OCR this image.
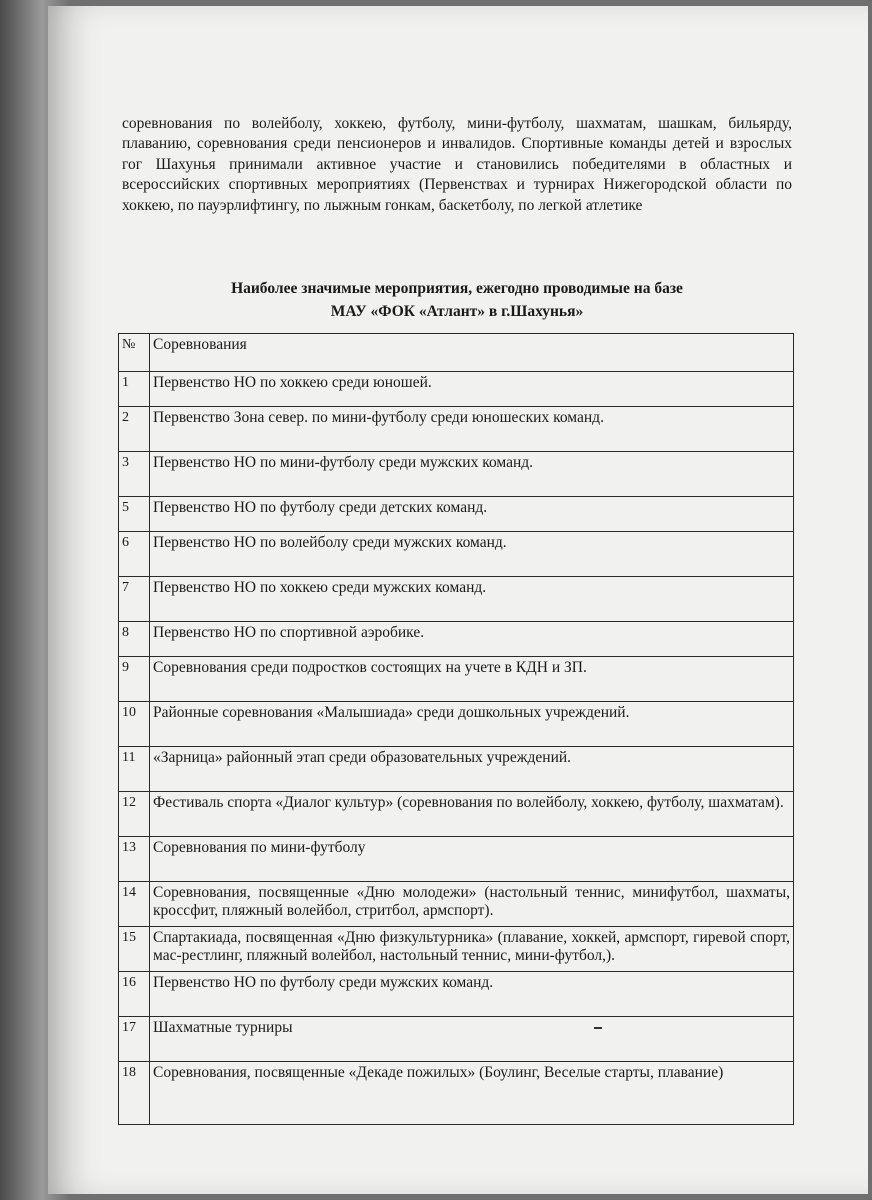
соревнования по волейболу, хоккею, футболу, мини-футболу, шахматам, шашкам, бильярду, плаванию, соревнования среди пенсионеров и инвалидов. Спортивные команды детей и взрослых гог Шахунья принимали активное участие и становились победителями в областных и всероссийских спортивных мероприятиях (Первенствах и турнирах Нижегородской области по хоккею, по пауэрлифтингу, по лыжным гонкам, баскетболу, по легкой атлетике

Наиболее значимые мероприятия, ежегодно проводимые на базе
МАУ «ФОК «Атлант» в г.Шахунья»
№	Соревнования
1	Первенство НО по хоккею среди юношей.
2	Первенство Зона север. по мини-футболу среди юношеских команд.
3	Первенство НО по мини-футболу среди мужских команд.
5	Первенство НО по футболу среди детских команд.
6	Первенство НО по волейболу среди мужских команд.
7	Первенство НО по хоккею среди мужских команд.
8	Первенство НО по спортивной аэробике.
9	Соревнования среди подростков состоящих на учете в КДН и ЗП.
10	Районные соревнования «Малышиада» среди дошкольных учреждений.
11	«Зарница» районный этап среди образовательных учреждений.
12	Фестиваль спорта «Диалог культур» (соревнования по волейболу, хоккею, футболу, шахматам).
13	Соревнования по мини-футболу
14	Соревнования, посвященные «Дню молодежи» (настольный теннис, минифутбол, шахматы, кроссфит, пляжный волейбол, стритбол, армспорт).
15	Спартакиада, посвященная «Дню физкультурника» (плавание, хоккей, армспорт, гиревой спорт, мас-рестлинг, пляжный волейбол, настольный теннис, мини-футбол,).
16	Первенство НО по футболу среди мужских команд.
17	Шахматные турниры
18	Соревнования, посвященные «Декаде пожилых» (Боулинг, Веселые старты, плавание)
